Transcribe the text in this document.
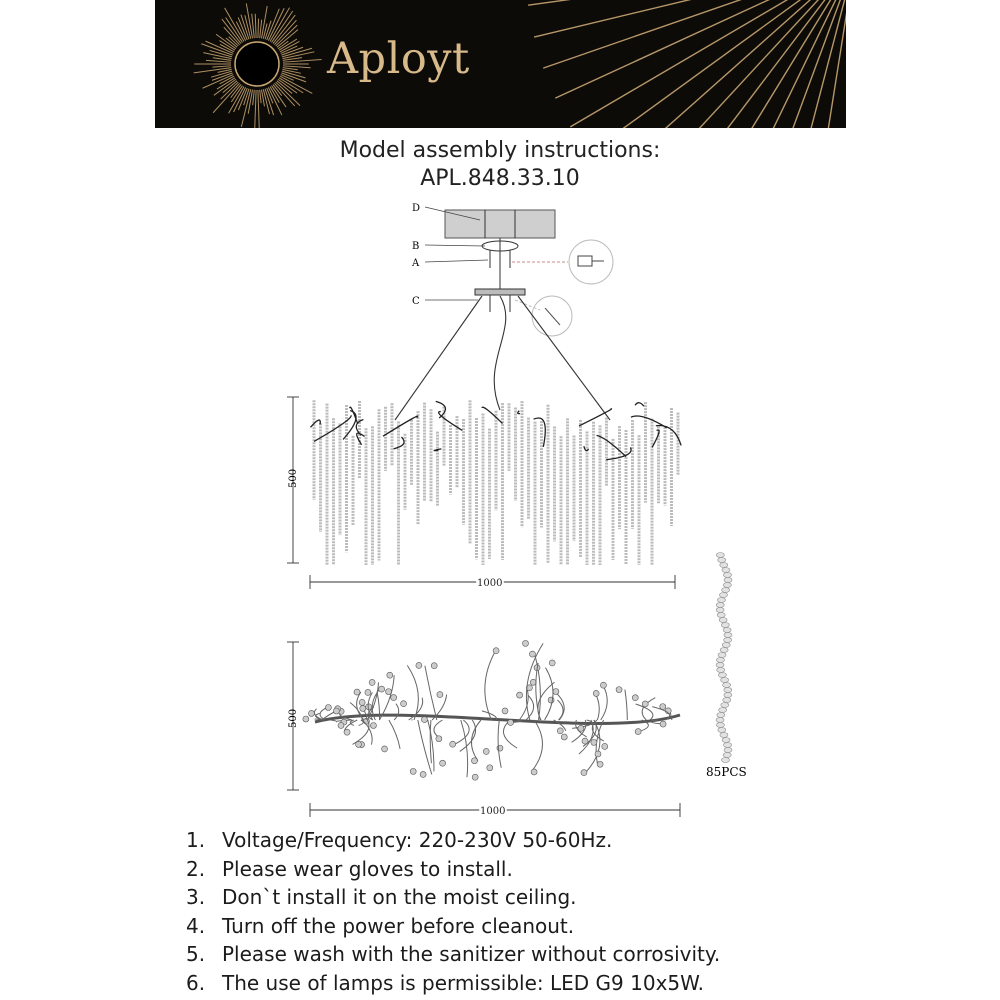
Aployt
Model assembly instructions:
APL.848.33.10
D
B
A
C
500
1000
500
1000
85PCS
1. Voltage/Frequency: 220-230V 50-60Hz.
2. Please wear gloves to install.
3. Don`t install it on the moist ceiling.
4. Turn off the power before cleanout.
5. Please wash with the sanitizer without corrosivity.
6. The use of lamps is permissible: LED G9 10x5W.
